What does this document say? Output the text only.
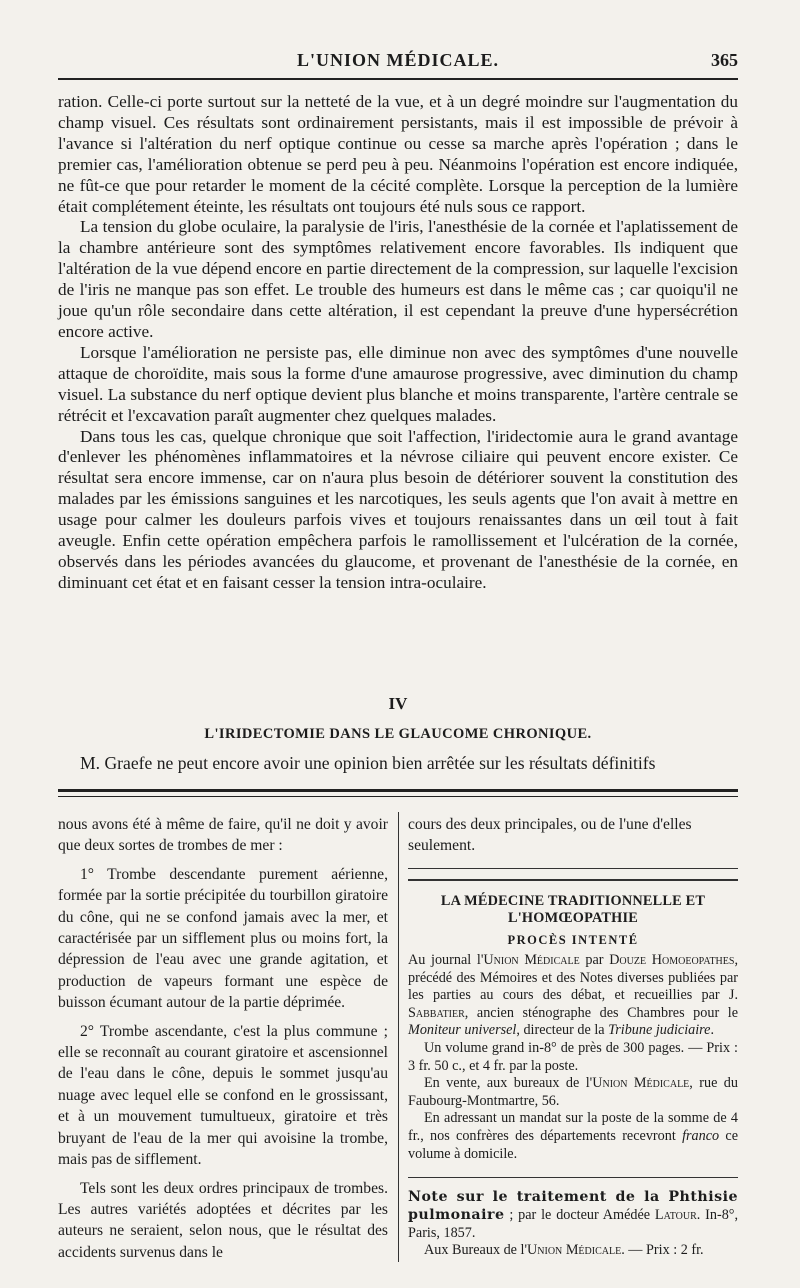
L'UNION MÉDICALE.	365

ration. Celle-ci porte surtout sur la netteté de la vue, et à un degré moindre sur l'augmentation du champ visuel. Ces résultats sont ordinairement persistants, mais il est impossible de prévoir à l'avance si l'altération du nerf optique continue ou cesse sa marche après l'opération ; dans le premier cas, l'amélioration obtenue se perd peu à peu. Néanmoins l'opération est encore indiquée, ne fût-ce que pour retarder le moment de la cécité complète. Lorsque la perception de la lumière était complétement éteinte, les résultats ont toujours été nuls sous ce rapport.

La tension du globe oculaire, la paralysie de l'iris, l'anesthésie de la cornée et l'aplatissement de la chambre antérieure sont des symptômes relativement encore favorables. Ils indiquent que l'altération de la vue dépend encore en partie directement de la compression, sur laquelle l'excision de l'iris ne manque pas son effet. Le trouble des humeurs est dans le même cas ; car quoiqu'il ne joue qu'un rôle secondaire dans cette altération, il est cependant la preuve d'une hypersécrétion encore active.

Lorsque l'amélioration ne persiste pas, elle diminue non avec des symptômes d'une nouvelle attaque de choroïdite, mais sous la forme d'une amaurose progressive, avec diminution du champ visuel. La substance du nerf optique devient plus blanche et moins transparente, l'artère centrale se rétrécit et l'excavation paraît augmenter chez quelques malades.

Dans tous les cas, quelque chronique que soit l'affection, l'iridectomie aura le grand avantage d'enlever les phénomènes inflammatoires et la névrose ciliaire qui peuvent encore exister. Ce résultat sera encore immense, car on n'aura plus besoin de détériorer souvent la constitution des malades par les émissions sanguines et les narcotiques, les seuls agents que l'on avait à mettre en usage pour calmer les douleurs parfois vives et toujours renaissantes dans un œil tout à fait aveugle. Enfin cette opération empêchera parfois le ramollissement et l'ulcération de la cornée, observés dans les périodes avancées du glaucome, et provenant de l'anesthésie de la cornée, en diminuant cet état et en faisant cesser la tension intra-oculaire.

IV
L'IRIDECTOMIE DANS LE GLAUCOME CHRONIQUE.
M. Graefe ne peut encore avoir une opinion bien arrêtée sur les résultats définitifs

nous avons été à même de faire, qu'il ne doit y avoir que deux sortes de trombes de mer :

1° Trombe descendante purement aérienne, formée par la sortie précipitée du tourbillon giratoire du cône, qui ne se confond jamais avec la mer, et caractérisée par un sifflement plus ou moins fort, la dépression de l'eau avec une grande agitation, et production de vapeurs formant une espèce de buisson écumant autour de la partie déprimée.

2° Trombe ascendante, c'est la plus commune ; elle se reconnaît au courant giratoire et ascensionnel de l'eau dans le cône, depuis le sommet jusqu'au nuage avec lequel elle se confond en le grossissant, et à un mouvement tumultueux, giratoire et très bruyant de l'eau de la mer qui avoisine la trombe, mais pas de sifflement.

Tels sont les deux ordres principaux de trombes. Les autres variétés adoptées et décrites par les auteurs ne seraient, selon nous, que le résultat des accidents survenus dans le

cours des deux principales, ou de l'une d'elles seulement.

LA MÉDECINE TRADITIONNELLE ET L'HOMŒOPATHIE
PROCÈS INTENTÉ

Au journal l'Union Médicale par Douze Homoeopathes, précédé des Mémoires et des Notes diverses publiées par les parties au cours des débat, et recueillies par J. Sabbatier, ancien sténographe des Chambres pour le Moniteur universel, directeur de la Tribune judiciaire.

Un volume grand in-8° de près de 300 pages. — Prix : 3 fr. 50 c., et 4 fr. par la poste.

En vente, aux bureaux de l'Union Médicale, rue du Faubourg-Montmartre, 56.

En adressant un mandat sur la poste de la somme de 4 fr., nos confrères des départements recevront franco ce volume à domicile.

Note sur le traitement de la Phthisie pulmonaire ; par le docteur Amédée Latour. In-8°, Paris, 1857.

Aux Bureaux de l'Union Médicale. — Prix : 2 fr.
